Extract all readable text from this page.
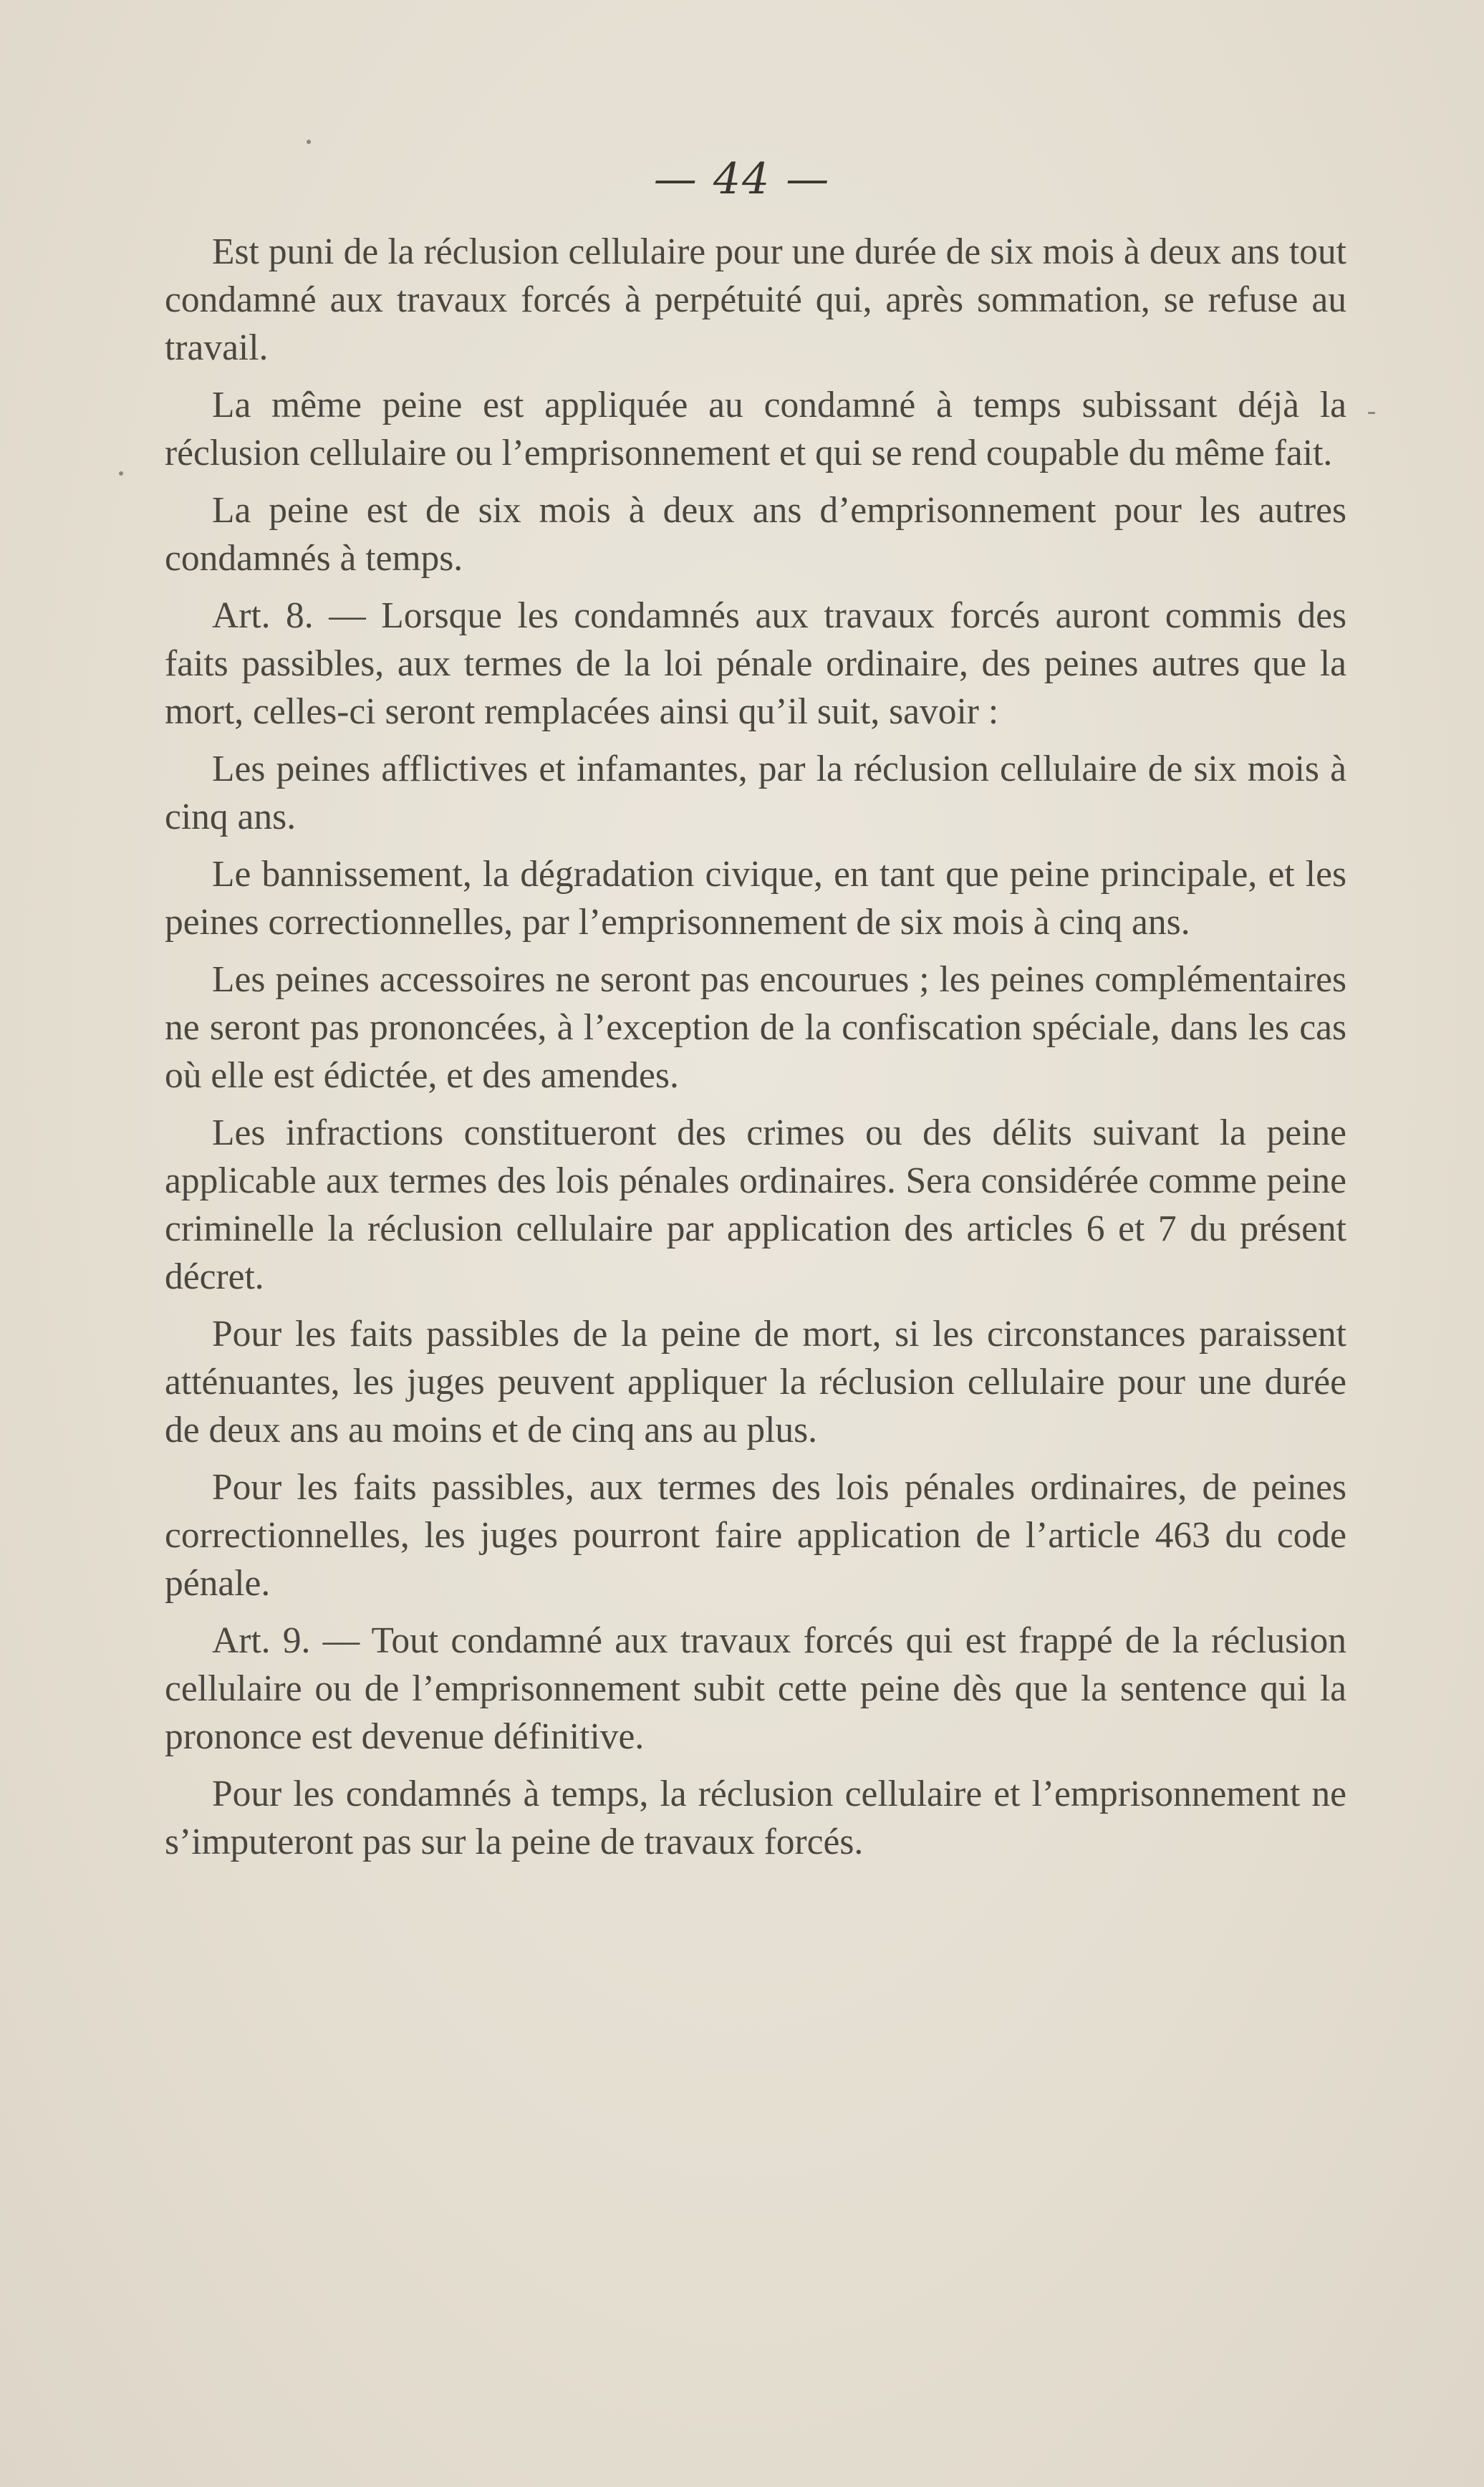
— 44 —

Est puni de la réclusion cellulaire pour une durée de six mois à deux ans tout condamné aux travaux forcés à perpétuité qui, après sommation, se refuse au travail.

La même peine est appliquée au condamné à temps subissant déjà la réclusion cellulaire ou l’emprisonnement et qui se rend coupable du même fait.

La peine est de six mois à deux ans d’emprisonnement pour les autres condamnés à temps.

Art. 8. — Lorsque les condamnés aux travaux forcés auront commis des faits passibles, aux termes de la loi pénale ordinaire, des peines autres que la mort, celles-ci seront remplacées ainsi qu’il suit, savoir :

Les peines afflictives et infamantes, par la réclusion cellulaire de six mois à cinq ans.

Le bannissement, la dégradation civique, en tant que peine principale, et les peines correctionnelles, par l’emprisonnement de six mois à cinq ans.

Les peines accessoires ne seront pas encourues ; les peines complémentaires ne seront pas prononcées, à l’exception de la confiscation spéciale, dans les cas où elle est édictée, et des amendes.

Les infractions constitueront des crimes ou des délits suivant la peine applicable aux termes des lois pénales ordinaires. Sera considérée comme peine criminelle la réclusion cellulaire par application des articles 6 et 7 du présent décret.

Pour les faits passibles de la peine de mort, si les circonstances paraissent atténuantes, les juges peuvent appliquer la réclusion cellulaire pour une durée de deux ans au moins et de cinq ans au plus.

Pour les faits passibles, aux termes des lois pénales ordinaires, de peines correctionnelles, les juges pourront faire application de l’article 463 du code pénale.

Art. 9. — Tout condamné aux travaux forcés qui est frappé de la réclusion cellulaire ou de l’emprisonnement subit cette peine dès que la sentence qui la prononce est devenue définitive.

Pour les condamnés à temps, la réclusion cellulaire et l’emprisonnement ne s’imputeront pas sur la peine de travaux forcés.
